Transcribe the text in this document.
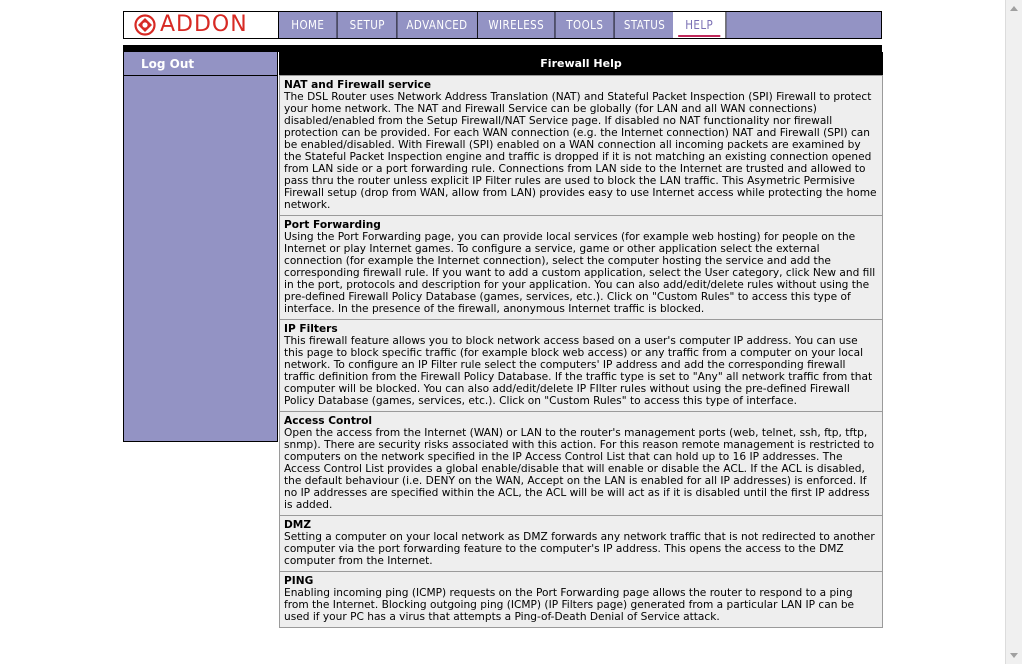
ADDON	HOME	SETUP	ADVANCED	WIRELESS	TOOLS	STATUS	HELP
Log Out	Firewall Help
NAT and Firewall service
The DSL Router uses Network Address Translation (NAT) and Stateful Packet Inspection (SPI) Firewall to protect your home network. The NAT and Firewall Service can be globally (for LAN and all WAN connections) disabled/enabled from the Setup Firewall/NAT Service page. If disabled no NAT functionality nor firewall protection can be provided. For each WAN connection (e.g. the Internet connection) NAT and Firewall (SPI) can be enabled/disabled. With Firewall (SPI) enabled on a WAN connection all incoming packets are examined by the Stateful Packet Inspection engine and traffic is dropped if it is not matching an existing connection opened from LAN side or a port forwarding rule. Connections from LAN side to the Internet are trusted and allowed to pass thru the router unless explicit IP Filter rules are used to block the LAN traffic. This Asymetric Permisive Firewall setup (drop from WAN, allow from LAN) provides easy to use Internet access while protecting the home network.
Port Forwarding
Using the Port Forwarding page, you can provide local services (for example web hosting) for people on the Internet or play Internet games. To configure a service, game or other application select the external connection (for example the Internet connection), select the computer hosting the service and add the corresponding firewall rule. If you want to add a custom application, select the User category, click New and fill in the port, protocols and description for your application. You can also add/edit/delete rules without using the pre-defined Firewall Policy Database (games, services, etc.). Click on "Custom Rules" to access this type of interface. In the presence of the firewall, anonymous Internet traffic is blocked.
IP Filters
This firewall feature allows you to block network access based on a user's computer IP address. You can use this page to block specific traffic (for example block web access) or any traffic from a computer on your local network. To configure an IP Filter rule select the computers' IP address and add the corresponding firewall traffic definition from the Firewall Policy Database. If the traffic type is set to "Any" all network traffic from that computer will be blocked. You can also add/edit/delete IP FIlter rules without using the pre-defined Firewall Policy Database (games, services, etc.). Click on "Custom Rules" to access this type of interface.
Access Control
Open the access from the Internet (WAN) or LAN to the router's management ports (web, telnet, ssh, ftp, tftp, snmp). There are security risks associated with this action. For this reason remote management is restricted to computers on the network specified in the IP Access Control List that can hold up to 16 IP addresses. The Access Control List provides a global enable/disable that will enable or disable the ACL. If the ACL is disabled, the default behaviour (i.e. DENY on the WAN, Accept on the LAN is enabled for all IP addresses) is enforced. If no IP addresses are specified within the ACL, the ACL will be will act as if it is disabled until the first IP address is added.
DMZ
Setting a computer on your local network as DMZ forwards any network traffic that is not redirected to another computer via the port forwarding feature to the computer's IP address. This opens the access to the DMZ computer from the Internet.
PING
Enabling incoming ping (ICMP) requests on the Port Forwarding page allows the router to respond to a ping from the Internet. Blocking outgoing ping (ICMP) (IP Filters page) generated from a particular LAN IP can be used if your PC has a virus that attempts a Ping-of-Death Denial of Service attack.
